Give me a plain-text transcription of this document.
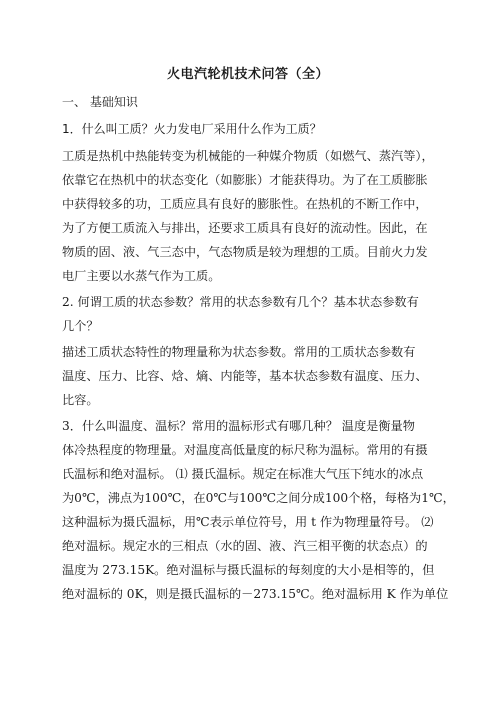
火电汽轮机技术问答（全）
一、 基础知识
1．什么叫工质？火力发电厂采用什么作为工质？
工质是热机中热能转变为机械能的一种媒介物质（如燃气、蒸汽等），
依靠它在热机中的状态变化（如膨胀）才能获得功。为了在工质膨胀
中获得较多的功，工质应具有良好的膨胀性。在热机的不断工作中，
为了方便工质流入与排出，还要求工质具有良好的流动性。因此，在
物质的固、液、气三态中，气态物质是较为理想的工质。目前火力发
电厂主要以水蒸气作为工质。
2. 何谓工质的状态参数？常用的状态参数有几个？基本状态参数有
几个？
描述工质状态特性的物理量称为状态参数。常用的工质状态参数有
温度、压力、比容、焓、熵、内能等，基本状态参数有温度、压力、
比容。
3．什么叫温度、温标？常用的温标形式有哪几种？ 温度是衡量物
体冷热程度的物理量。对温度高低量度的标尺称为温标。常用的有摄
氏温标和绝对温标。 ⑴ 摄氏温标。规定在标准大气压下纯水的冰点
为0℃，沸点为100℃，在0℃与100℃之间分成100个格，每格为1℃，
这种温标为摄氏温标，用℃表示单位符号，用 t 作为物理量符号。 ⑵
绝对温标。规定水的三相点（水的固、液、汽三相平衡的状态点）的
温度为 273.15K。绝对温标与摄氏温标的每刻度的大小是相等的，但
绝对温标的 0K，则是摄氏温标的－273.15℃。绝对温标用 K 作为单位
